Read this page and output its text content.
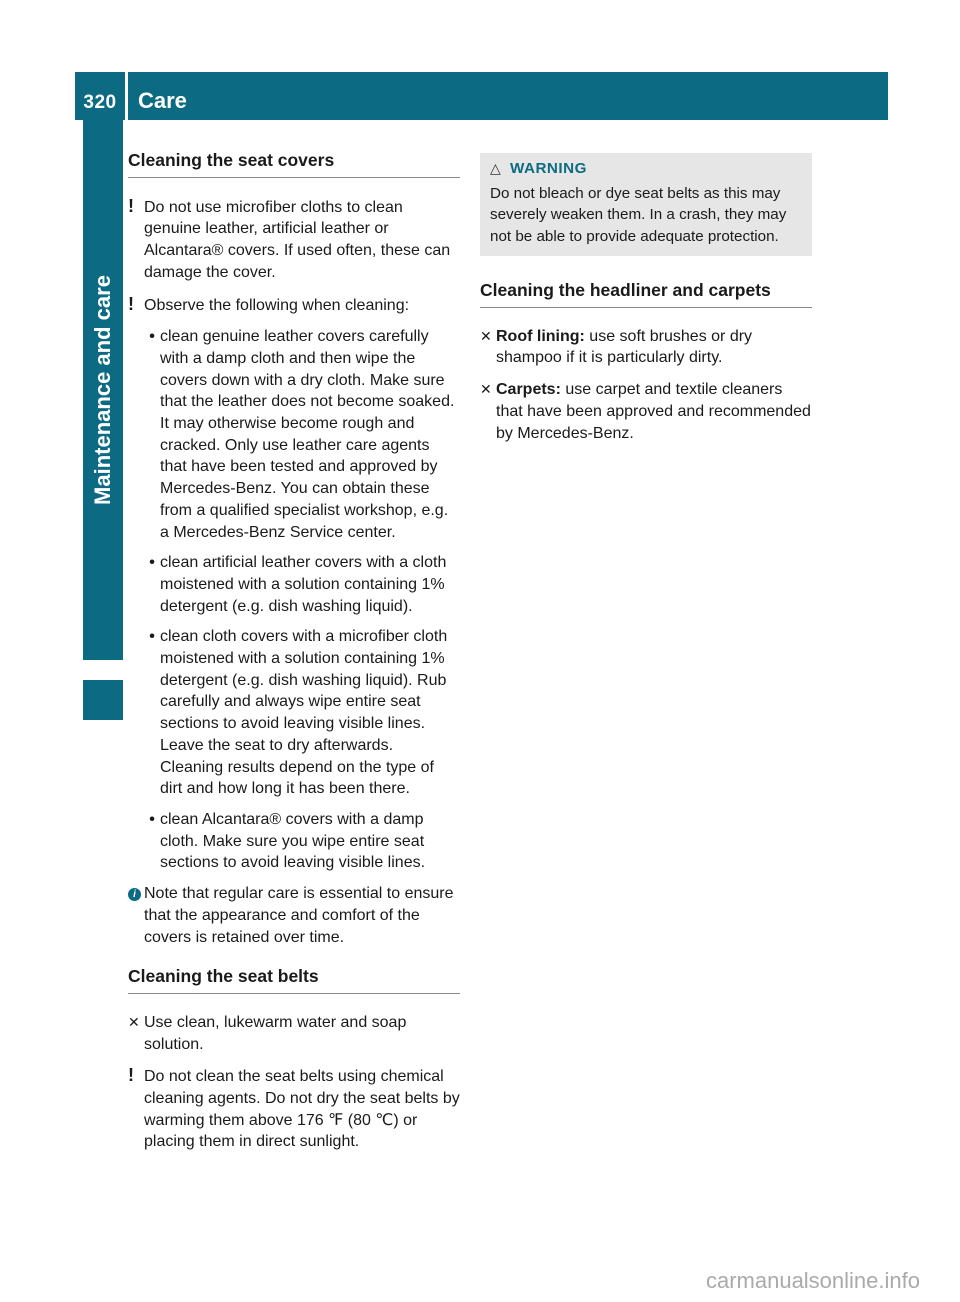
320 Care
Maintenance and care
Cleaning the seat covers

! Do not use microfiber cloths to clean genuine leather, artificial leather or Alcantara® covers. If used often, these can damage the cover.

! Observe the following when cleaning:

• clean genuine leather covers carefully with a damp cloth and then wipe the covers down with a dry cloth. Make sure that the leather does not become soaked. It may otherwise become rough and cracked. Only use leather care agents that have been tested and approved by Mercedes-Benz. You can obtain these from a qualified specialist workshop, e.g. a Mercedes-Benz Service center.

• clean artificial leather covers with a cloth moistened with a solution containing 1% detergent (e.g. dish washing liquid).

• clean cloth covers with a microfiber cloth moistened with a solution containing 1% detergent (e.g. dish washing liquid). Rub carefully and always wipe entire seat sections to avoid leaving visible lines. Leave the seat to dry afterwards. Cleaning results depend on the type of dirt and how long it has been there.

• clean Alcantara® covers with a damp cloth. Make sure you wipe entire seat sections to avoid leaving visible lines.

i Note that regular care is essential to ensure that the appearance and comfort of the covers is retained over time.

Cleaning the seat belts

✕ Use clean, lukewarm water and soap solution.

! Do not clean the seat belts using chemical cleaning agents. Do not dry the seat belts by warming them above 176 ℉ (80 ℃) or placing them in direct sunlight.

△ WARNING
Do not bleach or dye seat belts as this may severely weaken them. In a crash, they may not be able to provide adequate protection.
Cleaning the headliner and carpets

✕ Roof lining: use soft brushes or dry shampoo if it is particularly dirty.

✕ Carpets: use carpet and textile cleaners that have been approved and recommended by Mercedes-Benz.

carmanualsonline.info
